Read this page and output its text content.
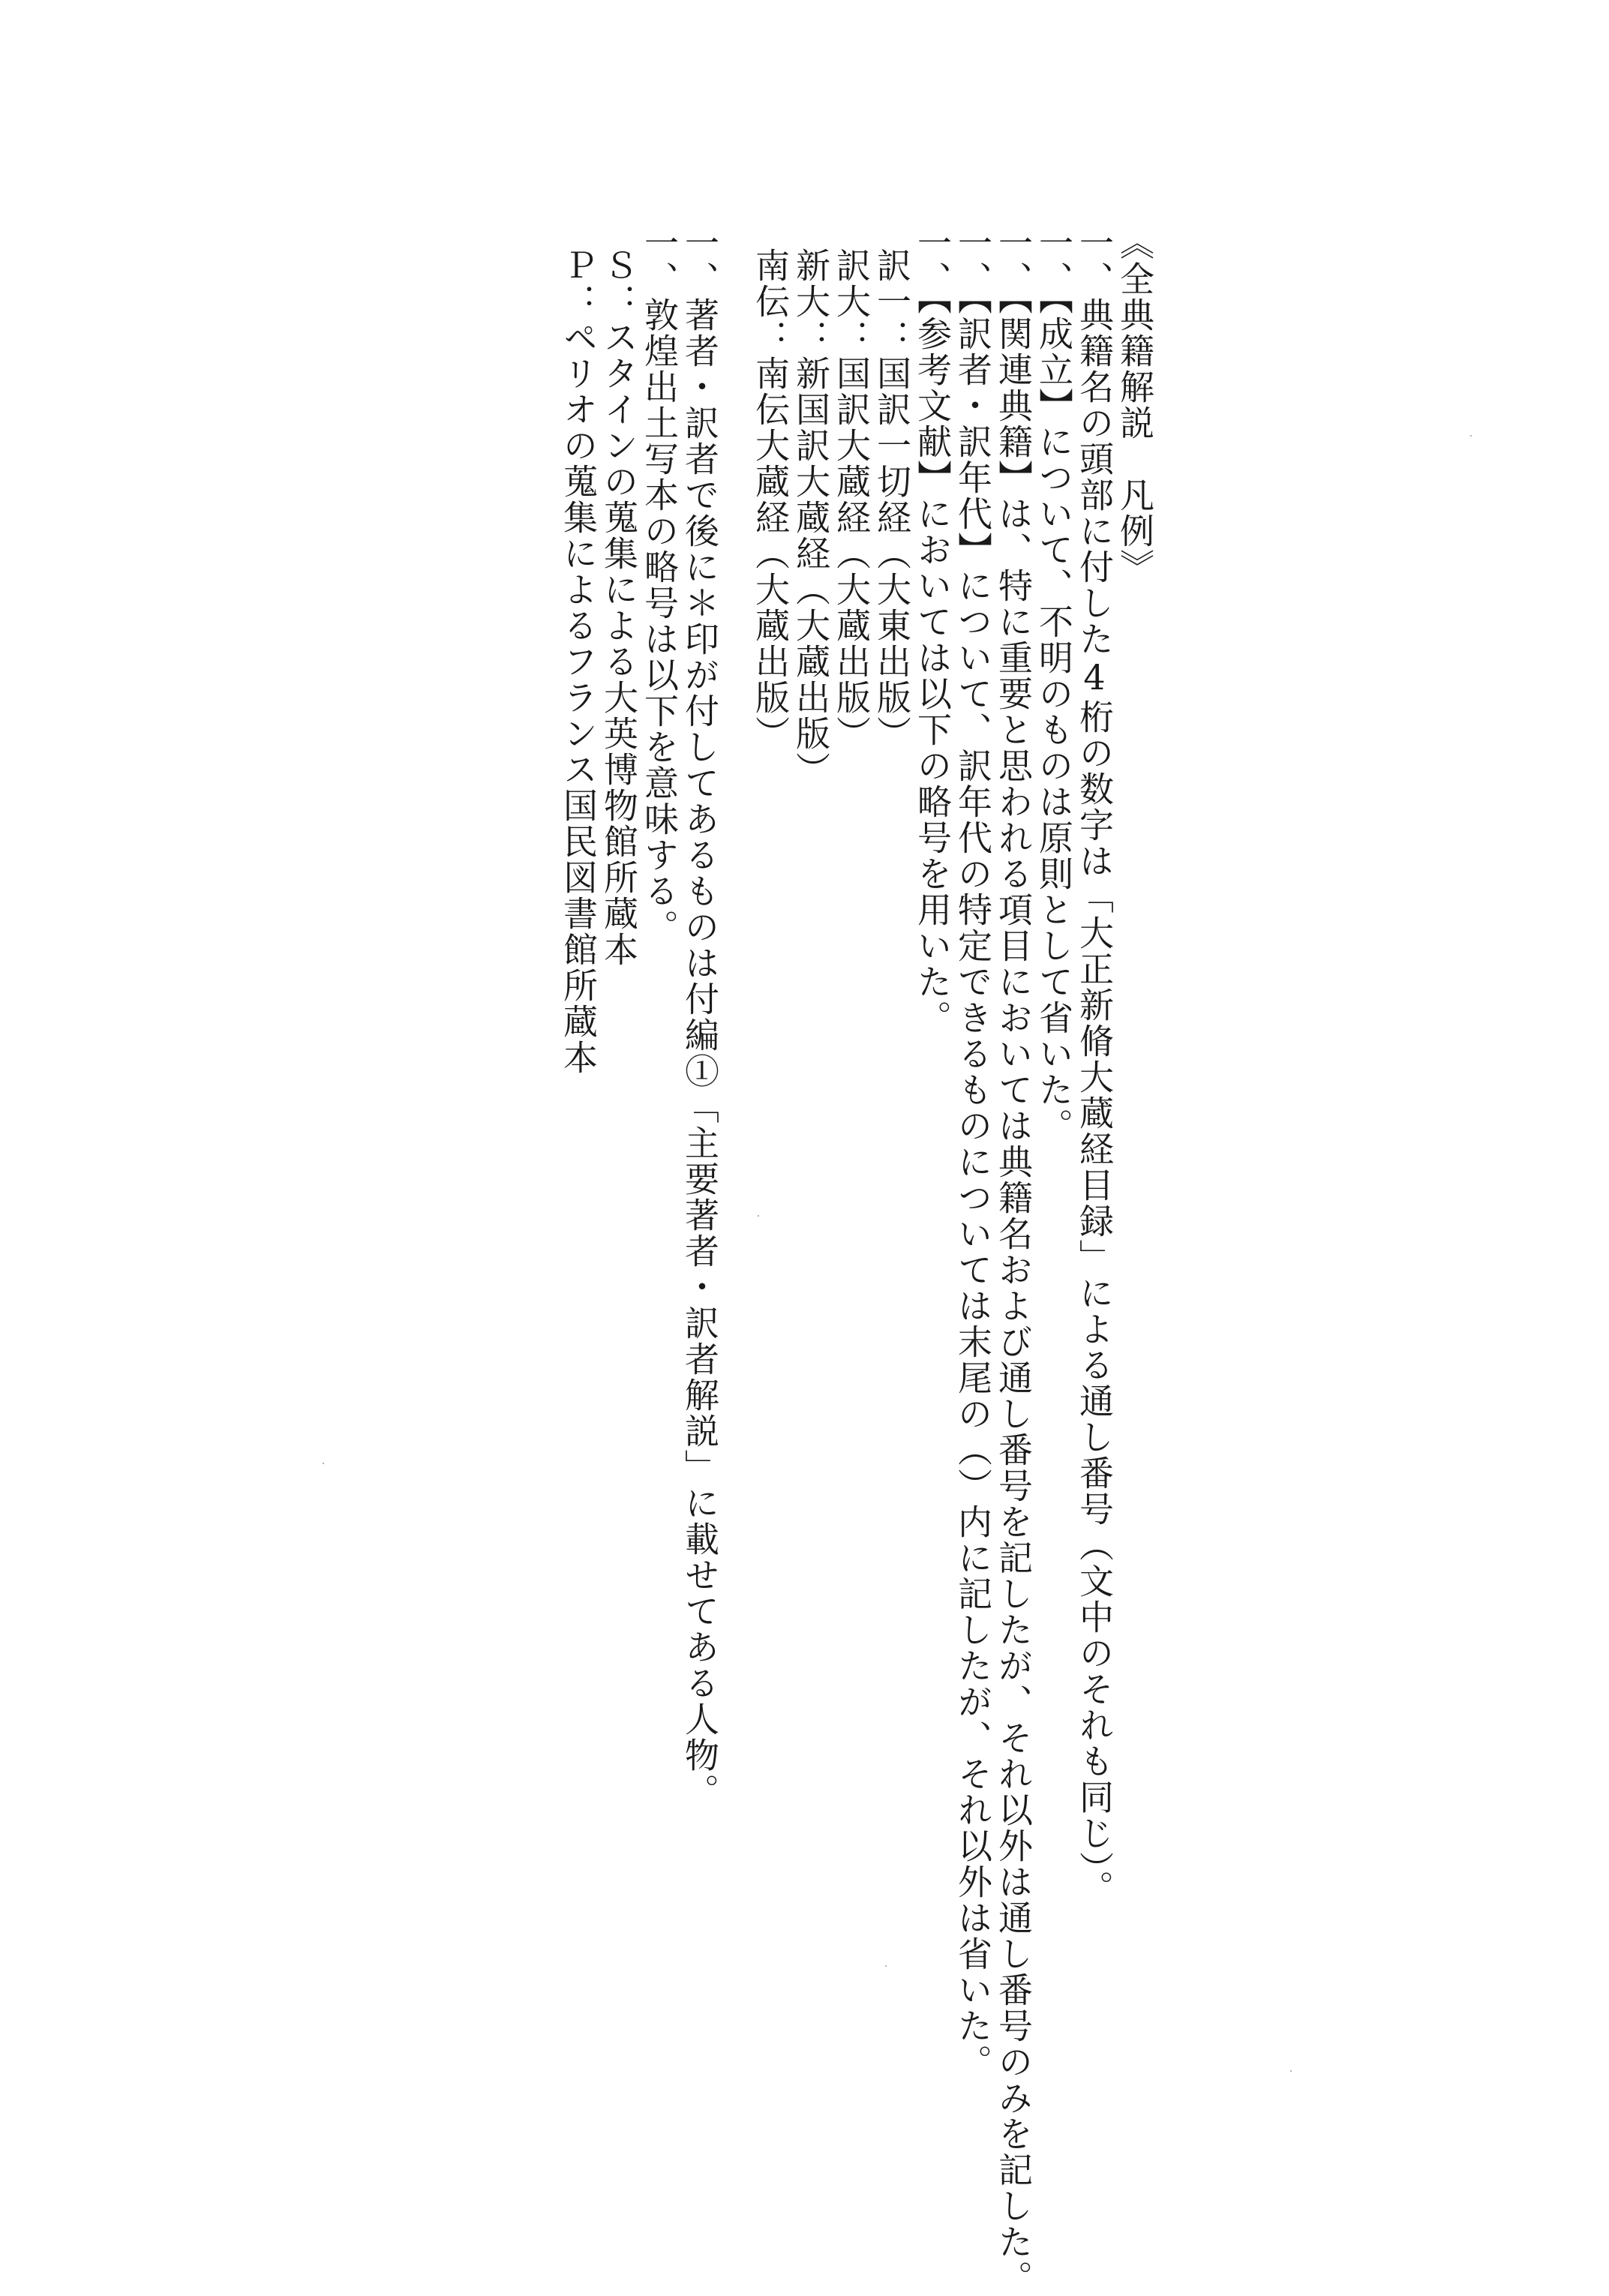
《全典籍解説　凡例》
一、典籍名の頭部に付した4桁の数字は「大正新脩大蔵経目録」による通し番号（文中のそれも同じ）。
一、【成立】について、不明のものは原則として省いた。
一、【関連典籍】は、特に重要と思われる項目においては典籍名および通し番号を記したが、それ以外は通し番号のみを記した。
一、【訳者・訳年代】について、訳年代の特定できるものについては末尾の（）内に記したが、それ以外は省いた。
一、【参考文献】においては以下の略号を用いた。
訳一：国訳一切経（大東出版）
訳大：国訳大蔵経（大蔵出版）
新大：新国訳大蔵経（大蔵出版）
南伝：南伝大蔵経（大蔵出版）
一、著者・訳者で後に＊印が付してあるものは付編①「主要著者・訳者解説」に載せてある人物。
一、敦煌出土写本の略号は以下を意味する。
Ｓ：スタインの蒐集による大英博物館所蔵本
Ｐ：ペリオの蒐集によるフランス国民図書館所蔵本
